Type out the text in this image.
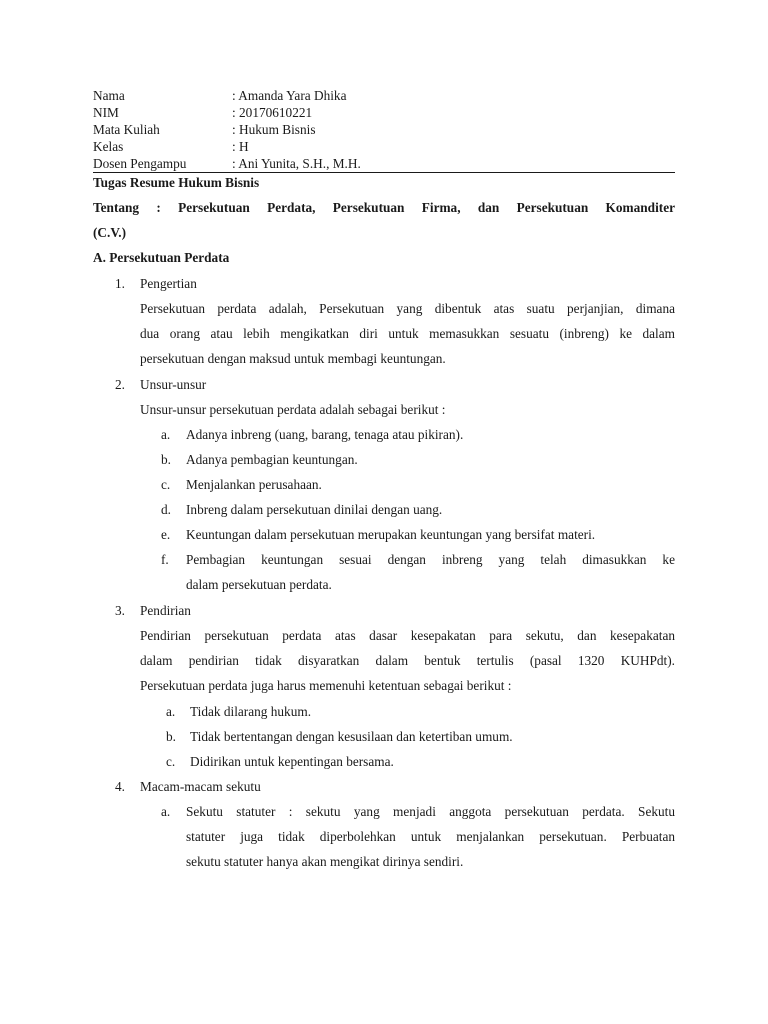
Nama	: Amanda Yara Dhika
NIM	: 20170610221
Mata Kuliah	: Hukum Bisnis
Kelas	: H
Dosen Pengampu	: Ani Yunita, S.H., M.H.
Tugas Resume Hukum Bisnis
Tentang : Persekutuan Perdata, Persekutuan Firma, dan Persekutuan Komanditer
(C.V.)
A. Persekutuan Perdata
1. Pengertian
Persekutuan perdata adalah, Persekutuan yang dibentuk atas suatu perjanjian, dimana
dua orang atau lebih mengikatkan diri untuk memasukkan sesuatu (inbreng) ke dalam
persekutuan dengan maksud untuk membagi keuntungan.
2. Unsur-unsur
Unsur-unsur persekutuan perdata adalah sebagai berikut :
a. Adanya inbreng (uang, barang, tenaga atau pikiran).
b. Adanya pembagian keuntungan.
c. Menjalankan perusahaan.
d. Inbreng dalam persekutuan dinilai dengan uang.
e. Keuntungan dalam persekutuan merupakan keuntungan yang bersifat materi.
f. Pembagian keuntungan sesuai dengan inbreng yang telah dimasukkan ke
dalam persekutuan perdata.
3. Pendirian
Pendirian persekutuan perdata atas dasar kesepakatan para sekutu, dan kesepakatan
dalam pendirian tidak disyaratkan dalam bentuk tertulis (pasal 1320 KUHPdt).
Persekutuan perdata juga harus memenuhi ketentuan sebagai berikut :
a. Tidak dilarang hukum.
b. Tidak bertentangan dengan kesusilaan dan ketertiban umum.
c. Didirikan untuk kepentingan bersama.
4. Macam-macam sekutu
a. Sekutu statuter : sekutu yang menjadi anggota persekutuan perdata. Sekutu
statuter juga tidak diperbolehkan untuk menjalankan persekutuan. Perbuatan
sekutu statuter hanya akan mengikat dirinya sendiri.
